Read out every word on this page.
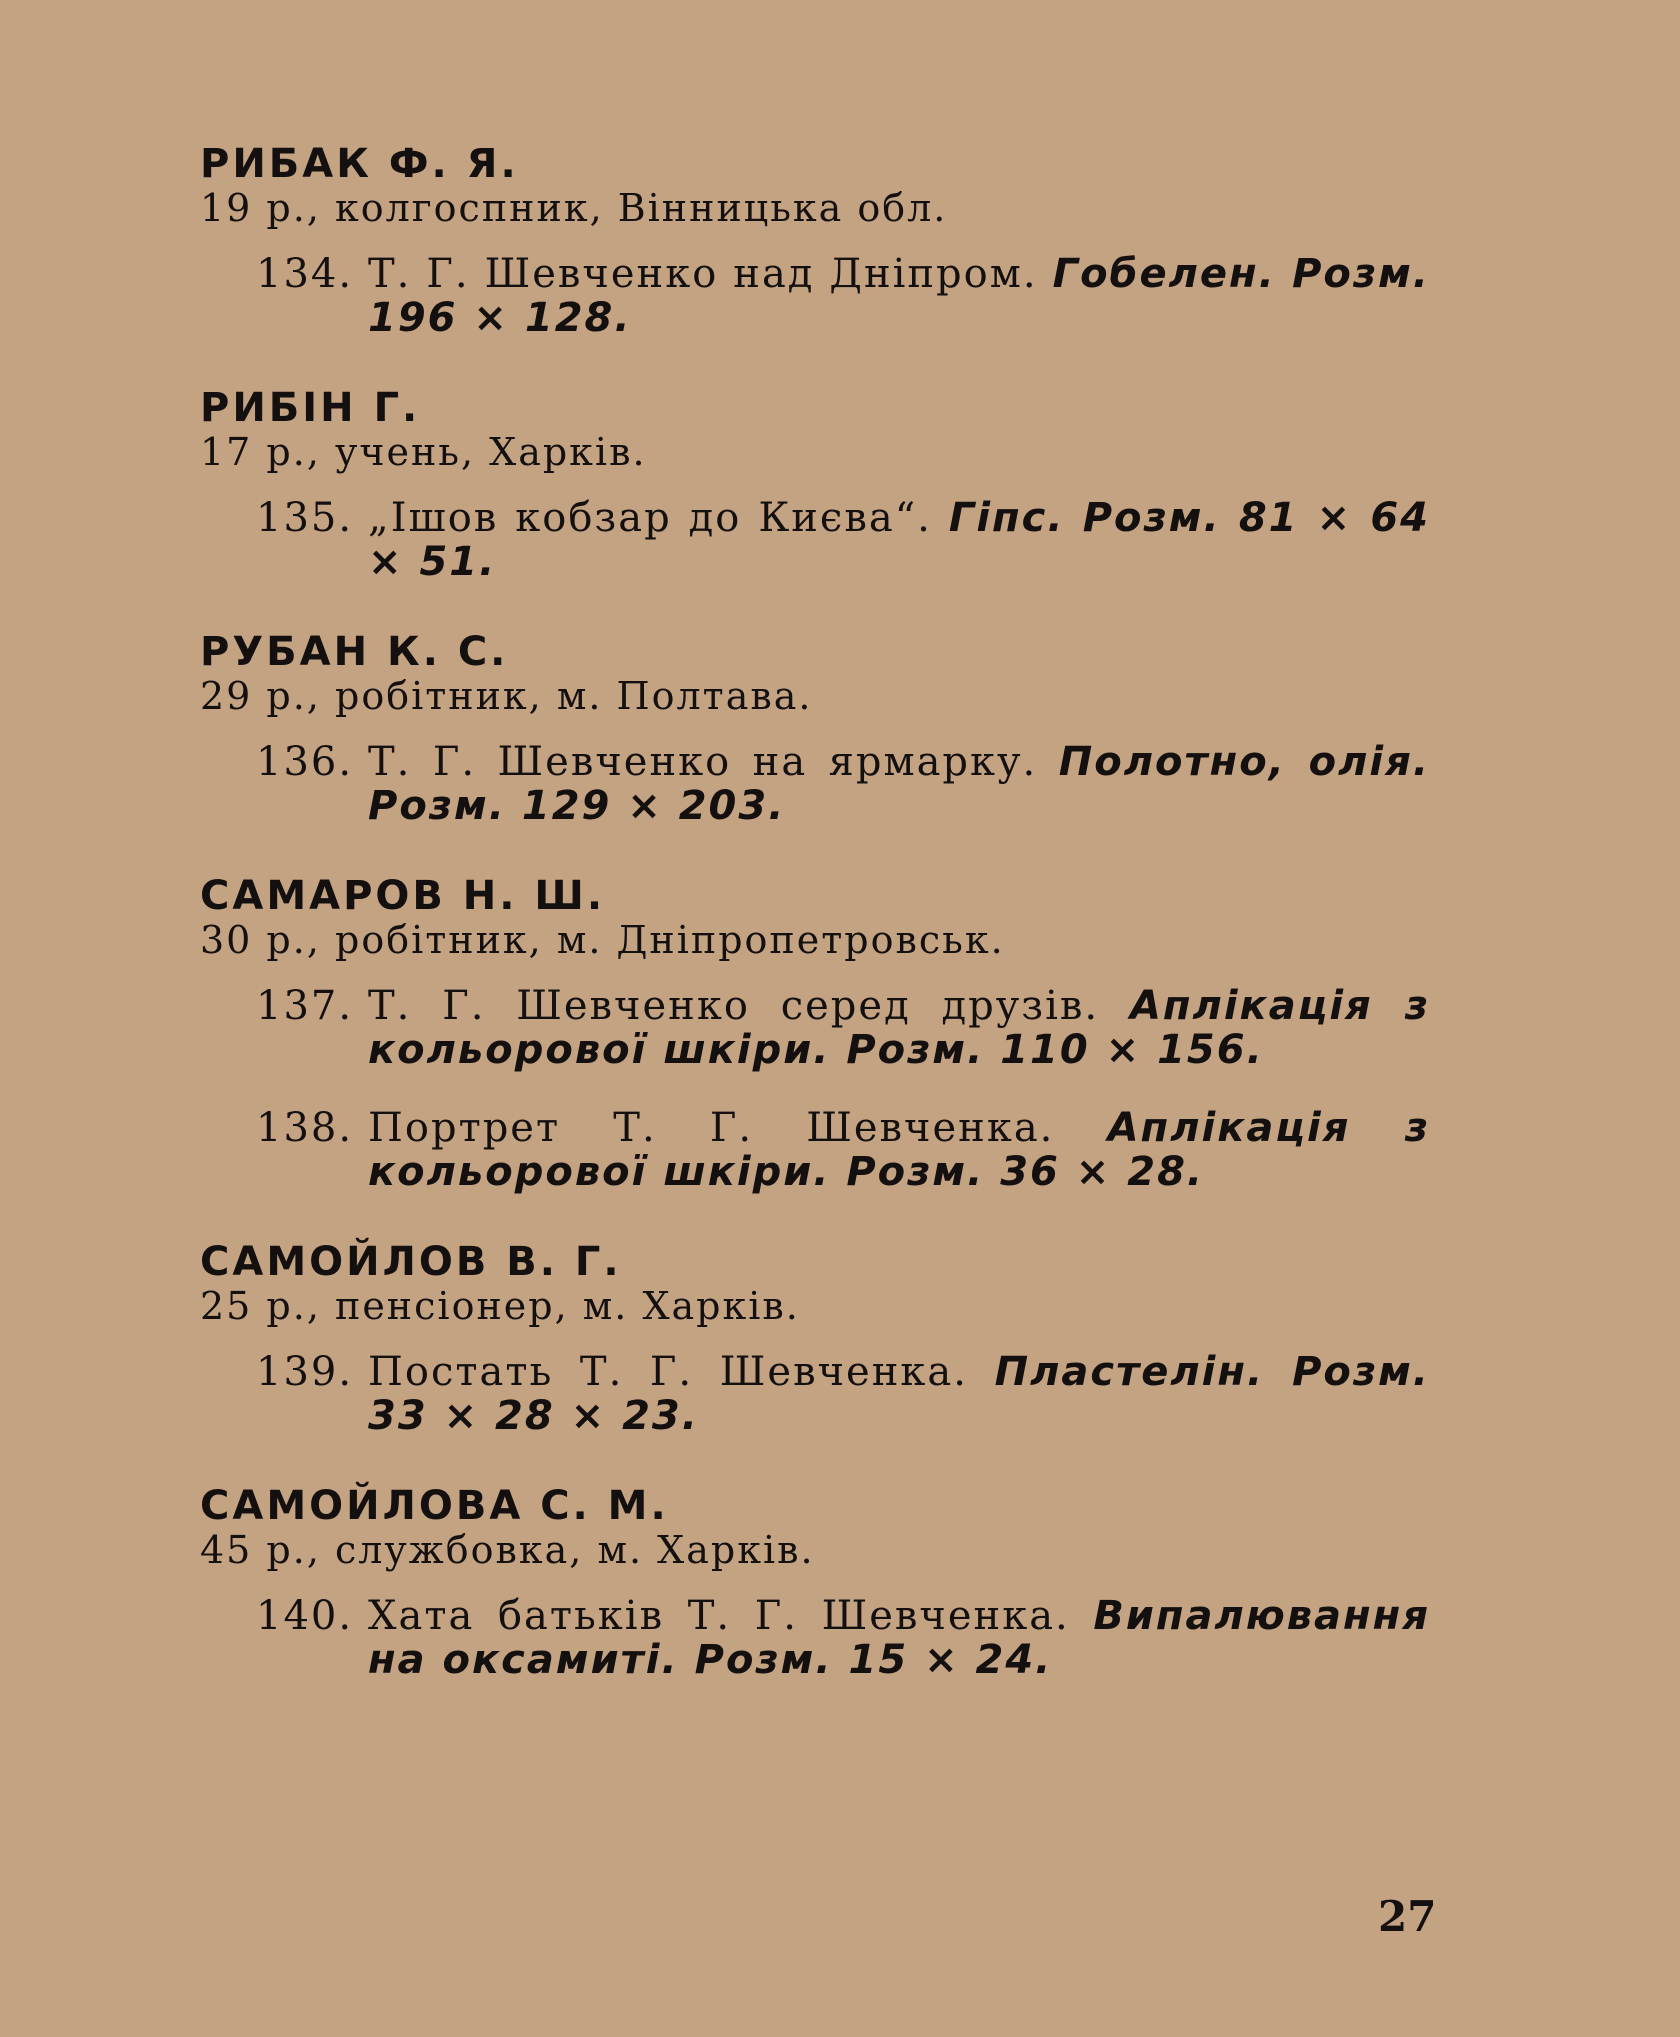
РИБАК Ф. Я.
19 р., колгоспник, Вінницька обл.
134. Т. Г. Шевченко над Дніпром. Гобелен. Розм. 196 × 128.
РИБІН Г.
17 р., учень, Харків.
135. „Ішов кобзар до Києва“. Гіпс. Розм. 81 × 64 × 51.
РУБАН К. С.
29 р., робітник, м. Полтава.
136. Т. Г. Шевченко на ярмарку. Полотно, олія. Розм. 129 × 203.
САМАРОВ Н. Ш.
30 р., робітник, м. Дніпропетровськ.
137. Т. Г. Шевченко серед друзів. Аплікація з кольорової шкіри. Розм. 110 × 156.
138. Портрет Т. Г. Шевченка. Аплікація з кольорової шкіри. Розм. 36 × 28.
САМОЙЛОВ В. Г.
25 р., пенсіонер, м. Харків.
139. Постать Т. Г. Шевченка. Пластелін. Розм. 33 × 28 × 23.
САМОЙЛОВА С. М.
45 р., службовка, м. Харків.
140. Хата батьків Т. Г. Шевченка. Випалювання на оксамиті. Розм. 15 × 24.
27
